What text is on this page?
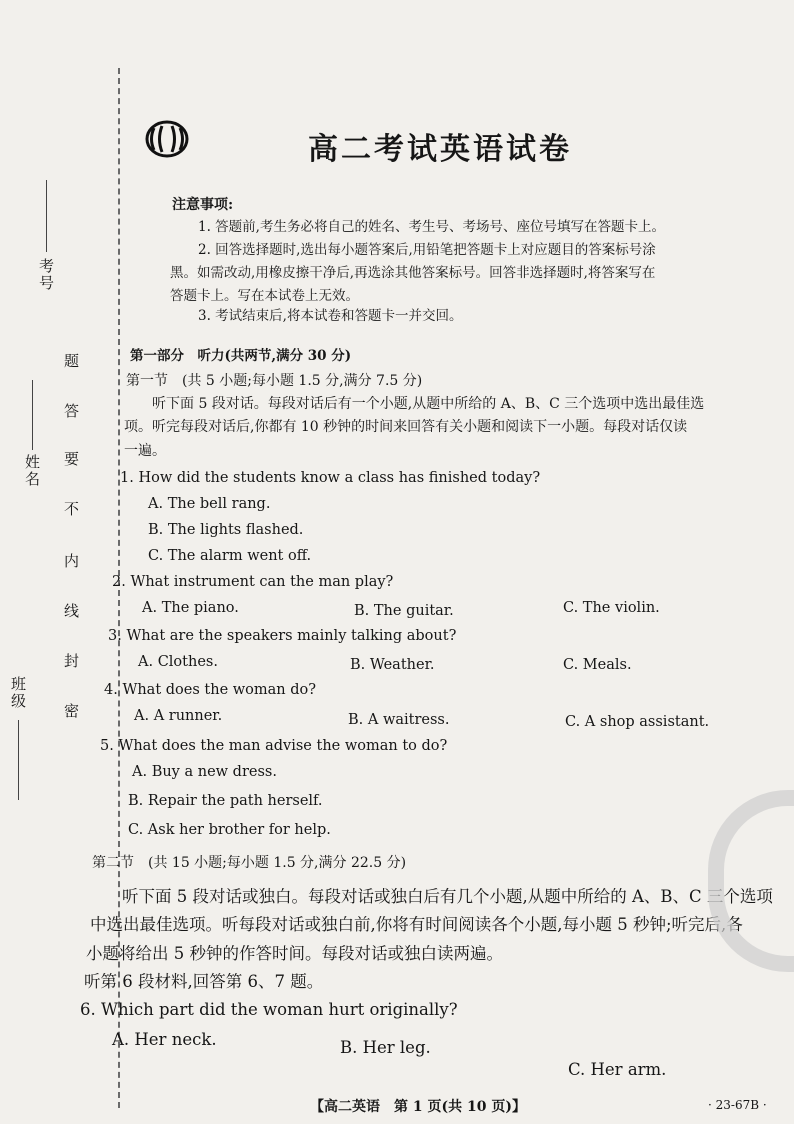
考号
姓名
班级
密
封
线
内
不
要
答
题
高二考试英语试卷
注意事项:
1. 答题前,考生务必将自己的姓名、考生号、考场号、座位号填写在答题卡上。
2. 回答选择题时,选出每小题答案后,用铅笔把答题卡上对应题目的答案标号涂
黑。如需改动,用橡皮擦干净后,再选涂其他答案标号。回答非选择题时,将答案写在
答题卡上。写在本试卷上无效。
3. 考试结束后,将本试卷和答题卡一并交回。
第一部分　听力(共两节,满分 30 分)
第一节　(共 5 小题;每小题 1.5 分,满分 7.5 分)
听下面 5 段对话。每段对话后有一个小题,从题中所给的 A、B、C 三个选项中选出最佳选
项。听完每段对话后,你都有 10 秒钟的时间来回答有关小题和阅读下一小题。每段对话仅读
一遍。
1. How did the students know a class has finished today?
A. The bell rang.
B. The lights flashed.
C. The alarm went off.
2. What instrument can the man play?
A. The piano.	B. The guitar.	C. The violin.
3. What are the speakers mainly talking about?
A. Clothes.	B. Weather.	C. Meals.
4. What does the woman do?
A. A runner.	B. A waitress.	C. A shop assistant.
5. What does the man advise the woman to do?
A. Buy a new dress.
B. Repair the path herself.
C. Ask her brother for help.
第二节　(共 15 小题;每小题 1.5 分,满分 22.5 分)
听下面 5 段对话或独白。每段对话或独白后有几个小题,从题中所给的 A、B、C 三个选项
中选出最佳选项。听每段对话或独白前,你将有时间阅读各个小题,每小题 5 秒钟;听完后,各
小题将给出 5 秒钟的作答时间。每段对话或独白读两遍。
听第 6 段材料,回答第 6、7 题。
6. Which part did the woman hurt originally?
A. Her neck.	B. Her leg.
C. Her arm.
【高二英语　第 1 页(共 10 页)】	· 23-67B ·
